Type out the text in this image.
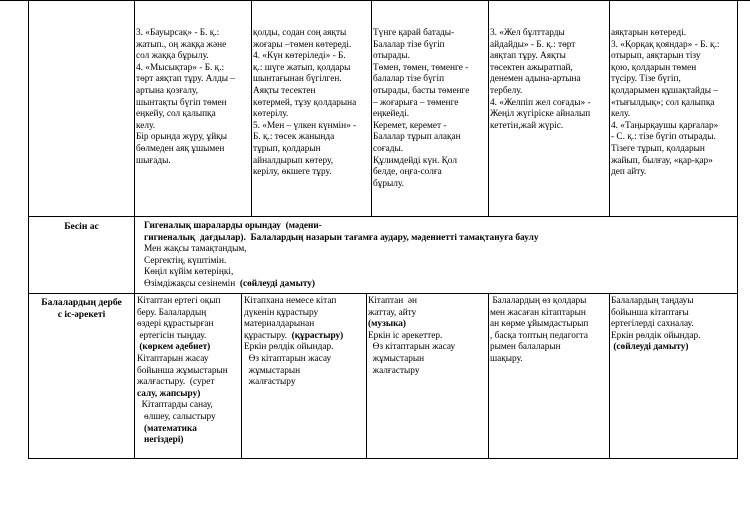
3. «Бауырсақ» - Б. қ.:

жатып., оң жаққа және

сол жаққа бұрылу.

4. «Мысықтар» - Б. қ.:

төрт аяқтап тұру. Алды –

артына қозғалу,

шынтақты бүгіп төмен

еңкейу, сол қалыпқа

келу.

Бір орында жүру, ұйқы

бөлмеден аяқ ұшымен

шығады.

қолды, содан соң аяқты

жоғары –төмен көтереді.

4. «Күн көтеріледі» - Б.

қ.: шүге жатып, қолдары

шынтағынан бүгілген.

Аяқты тесектен

көтермей, тұзу қолдарына

көтерілу.

5. «Мен – үлкен күнмін» -

Б. қ.: төсек жанында

тұрып, қолдарын

айналдырып көтеру,

керілу, өкшеге тұру.

Түнге қарай батады-

Балалар тізе бүгіп

отырады.

Төмен, төмен, төменге -

балалар тізе бүгіп

отырады, басты төменге

– жоғарыға – төменге

еңкейеді.

Керемет, керемет -

Балалар тұрып алақан

соғады.

Құлимдейді күн. Қол

белде, оңға-солға

бұрылу.

3. «Жел бұлттарды

айдайды» - Б. қ.: төрт

аяқтап тұру. Аяқты

төсектен ажыратпай,

денемен адына-артына

тербелу.

4. «Желпіп жел соғады» -

Жеңіл жүгіріске айналып

кететін,жай жүріс.

аяқтарын көтереді.

3. «Қорқақ қояндар» - Б. қ.:

отырып, аяқтарын тізу

қою, қолдарын төмен

түсіру. Тізе бүгіп,

қолдарымен құшақтайды –

«тығылдық»; сол қалыпқа

келу.

4. «Таңырқаушы қарғалар»

- С. қ.: тізе бүгіп отырады.

Тізеге тұрып, қолдарын

жайып, былғау, «қар-қар»

деп айту.

Бесін ас	Гигеналық шараларды орындау  (мәдени-

гигиеналық  дағдылар).  Балалардың назарын тағамға аудару, мәдениетті тамақтануға баулу

Мен жақсы тамақтандым,

Сергектің, күштімін.

Көңіл күйім көтеріңкі,

Өзімдіжақсы сезінемін (сөйлеуді дамыту)

Балалардың дербе
с іс-әрекеті

Кітаптан ертегі оқып

беру. Балалардың

өздері құрастырған

ертегісін тыңдау.

(көркем әдебиет)

Кітаптарын жасау

бойынша жұмыстарын

жалғастыру.  (сурет

салу, жапсыру)

Кітаптарды санау,

өлшеу, салыстыру

(математика

негіздері)

Кітапхана немесе кітап

дүкенін құрастыру

материалдарынан

құрастыру.  (құрастыру)

Еркін рөлдік ойындар.

Өз кітаптарын жасау

жұмыстарын

жалғастыру

Кітаптан  ән

жаттау, айту

(музыка)

Еркін іс әрекеттер.

Өз кітаптарын жасау

жұмыстарын

жалғастыру

Балалардың өз қолдары

мен жасаған кітаптарын

ан көрме ұйымдастырып

, басқа топтың педагогта

рымен балаларын

шақыру.

Балалардың таңдауы

бойынша кітаптағы

ертегілерді сахналау.

Еркін рөлдік ойындар.

(сөйлеуді дамыту)
